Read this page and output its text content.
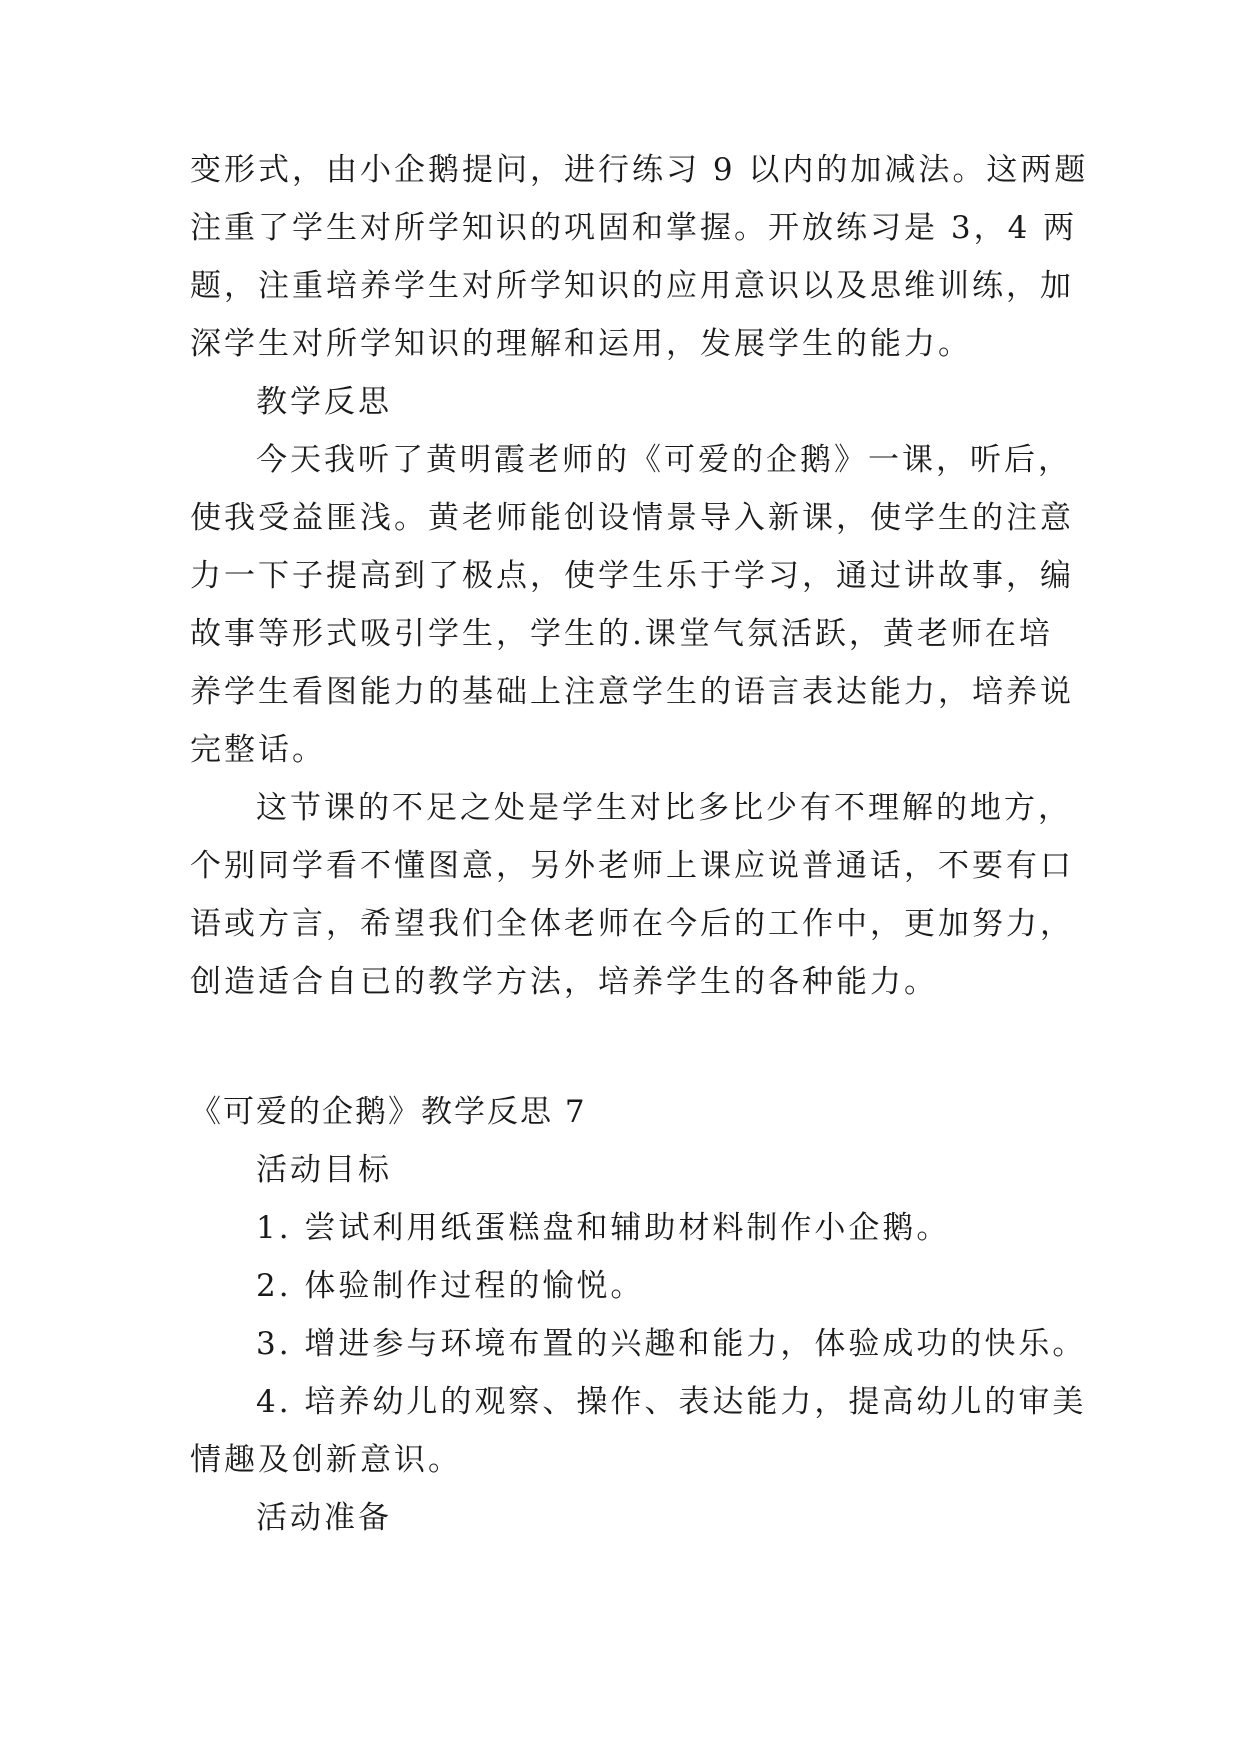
变形式，由小企鹅提问，进行练习 9 以内的加减法。这两题
注重了学生对所学知识的巩固和掌握。开放练习是 3，4 两
题，注重培养学生对所学知识的应用意识以及思维训练，加
深学生对所学知识的理解和运用，发展学生的能力。
教学反思
今天我听了黄明霞老师的《可爱的企鹅》一课，听后，
使我受益匪浅。黄老师能创设情景导入新课，使学生的注意
力一下子提高到了极点，使学生乐于学习，通过讲故事，编
故事等形式吸引学生，学生的.课堂气氛活跃，黄老师在培
养学生看图能力的基础上注意学生的语言表达能力，培养说
完整话。
这节课的不足之处是学生对比多比少有不理解的地方，
个别同学看不懂图意，另外老师上课应说普通话，不要有口
语或方言，希望我们全体老师在今后的工作中，更加努力，
创造适合自已的教学方法，培养学生的各种能力。
《可爱的企鹅》教学反思 7
活动目标
1. 尝试利用纸蛋糕盘和辅助材料制作小企鹅。
2. 体验制作过程的愉悦。
3. 增进参与环境布置的兴趣和能力，体验成功的快乐。
4. 培养幼儿的观察、操作、表达能力，提高幼儿的审美
情趣及创新意识。
活动准备
